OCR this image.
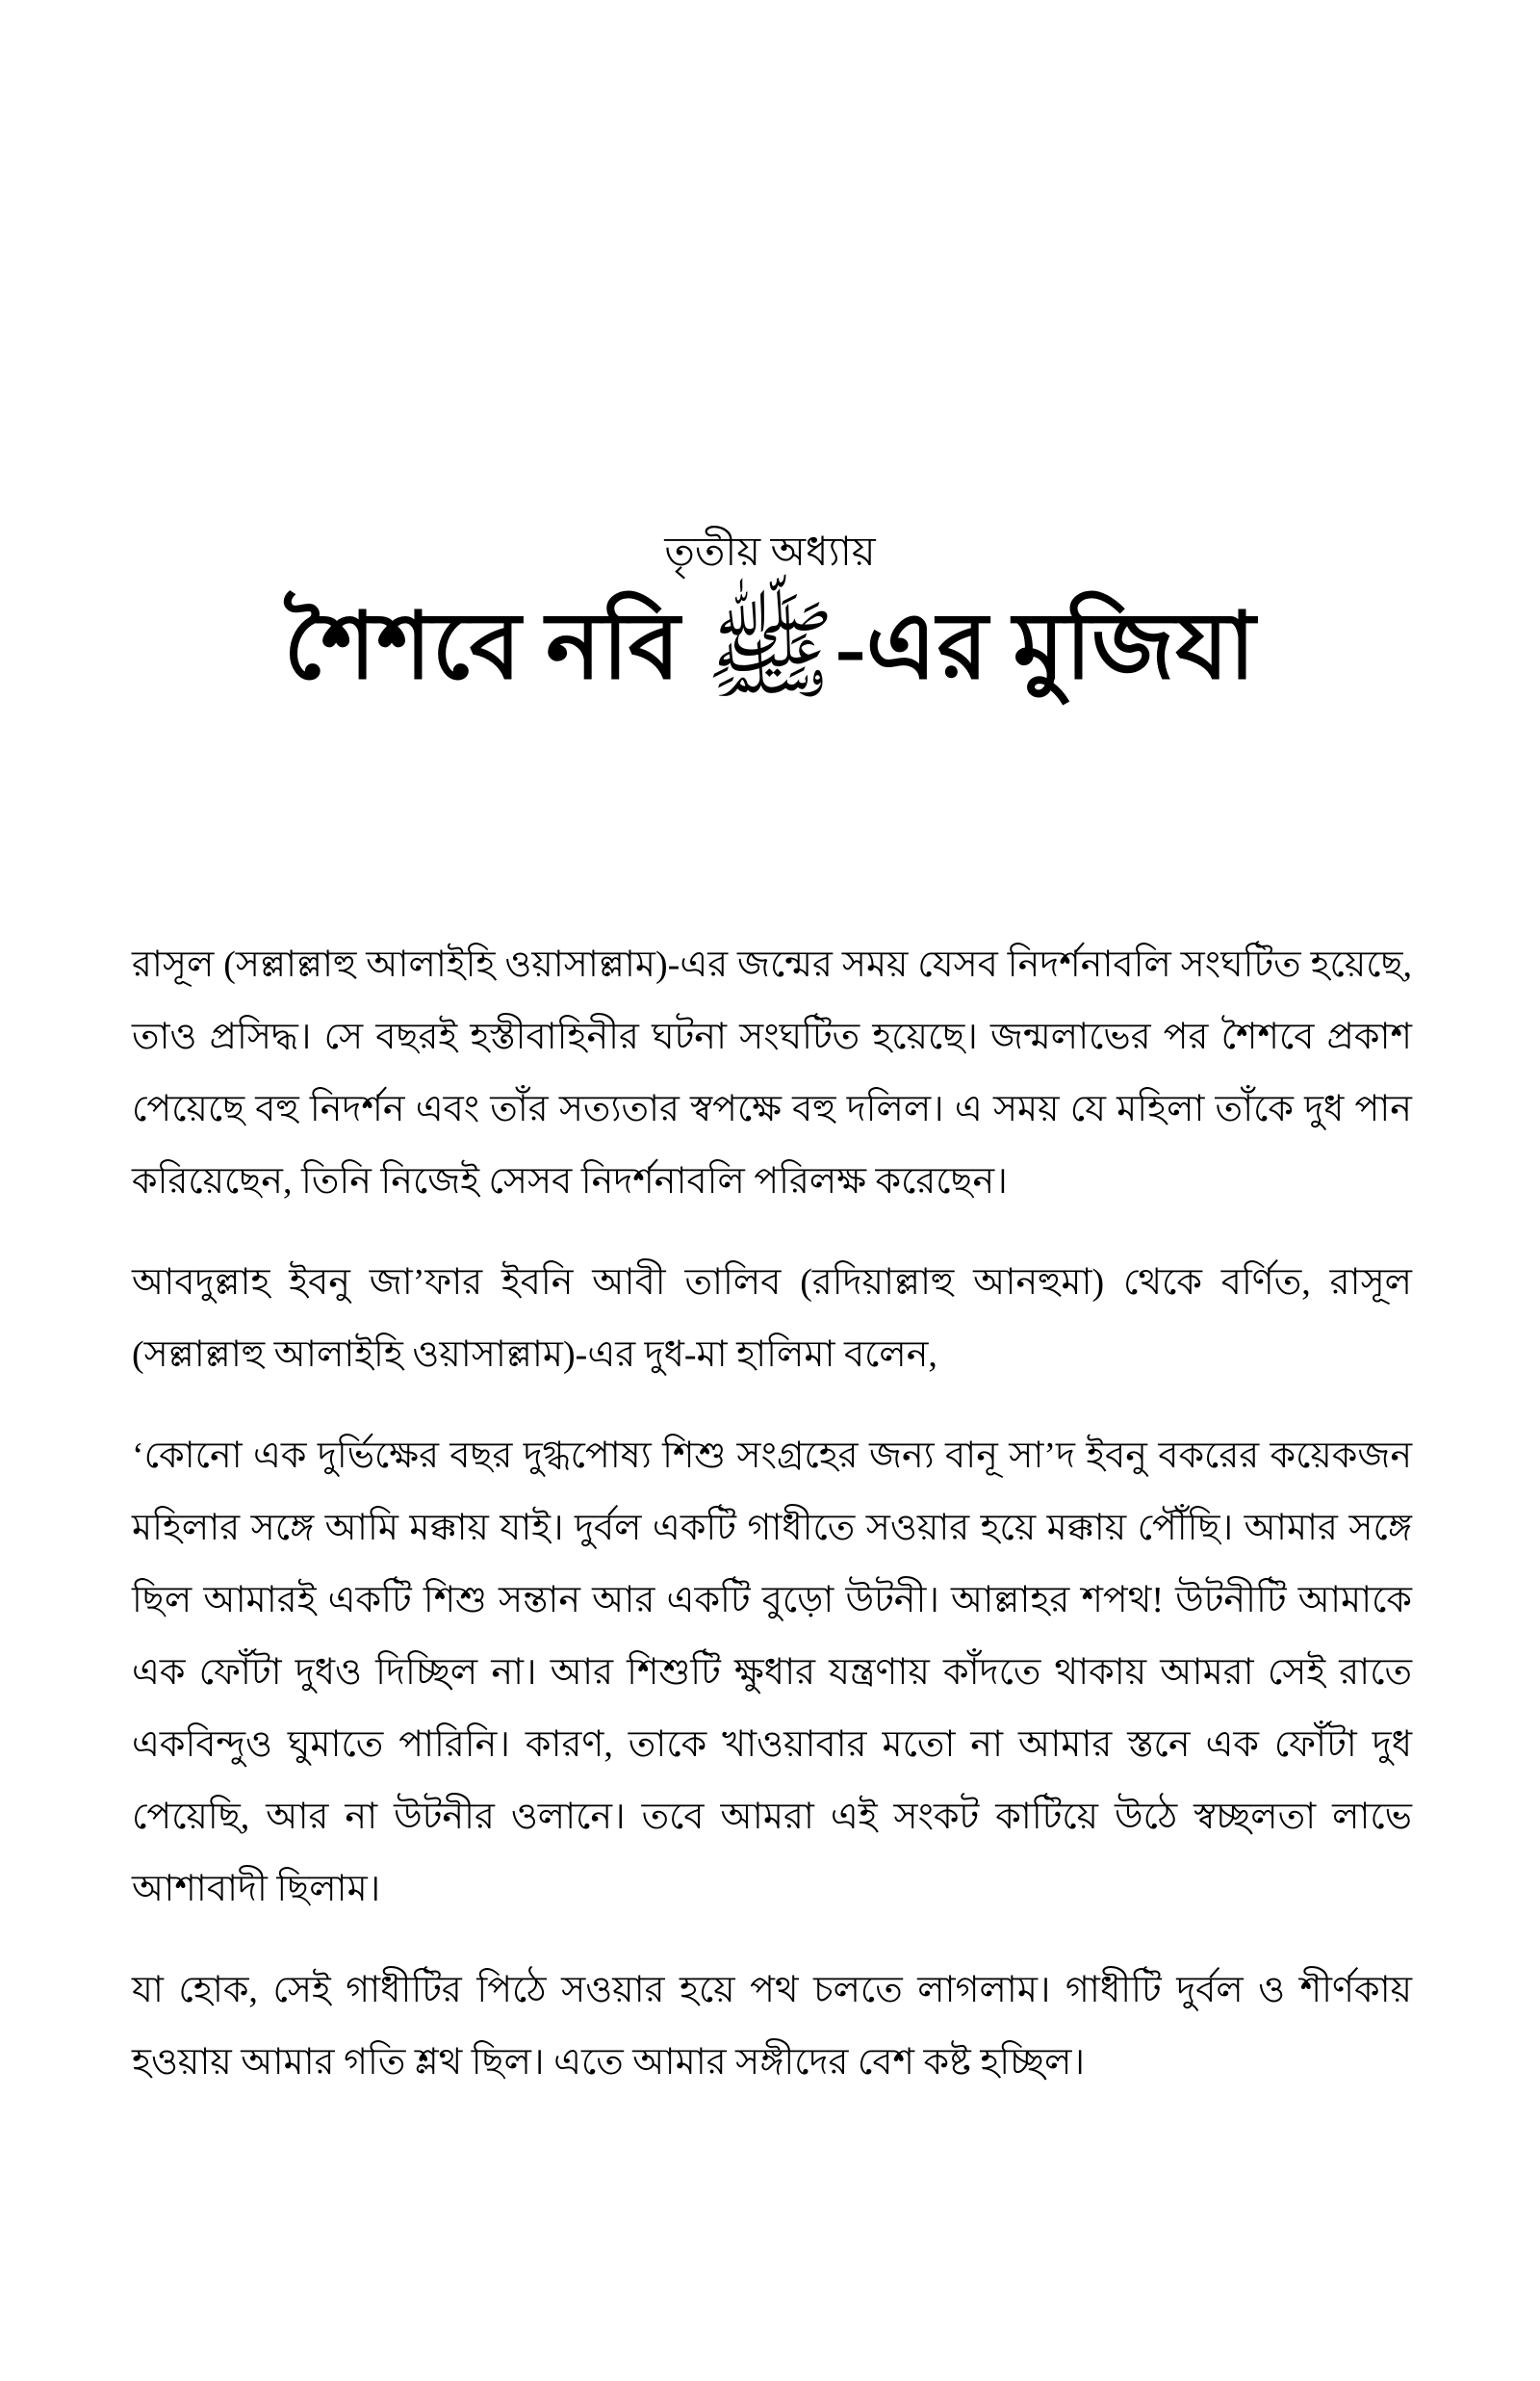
তৃতীয় অধ্যায়
শৈশবে নবি ﷺ-এর মুজিযা

রাসূল (সল্লাল্লাহু আলাইহি ওয়াসাল্লাম)-এর জন্মের সময় যেসব নিদর্শনাবলি সংঘটিত হয়েছে, তাও প্রসিদ্ধ। সে বছরই হস্তীবাহিনীর ঘটনা সংঘটিত হয়েছে। জন্মলাভের পর শৈশবে প্রকাশ পেয়েছে বহু নিদর্শন এবং তাঁর সত্যতার স্বপক্ষে বহু দলিল। এ সময় যে মহিলা তাঁকে দুধ পান করিয়েছেন, তিনি নিজেই সেসব নিদর্শনাবলি পরিলক্ষ করেছেন।

আবদুল্লাহ ইবনু জা’ফার ইবনি আবী তালিব (রদিয়াল্লাহু আনহুমা) থেকে বর্ণিত, রাসূল (সল্লাল্লাহু আলাইহি ওয়াসাল্লাম)-এর দুধ-মা হালিমা বলেন,

‘কোনো এক দুর্ভিক্ষের বছর দুগ্ধপোষ্য শিশু সংগ্রহের জন্য বানূ সা’দ ইবনু বকরের কয়েকজন মহিলার সঙ্গে আমি মক্কায় যাই। দুর্বল একটি গাধীতে সওয়ার হয়ে মক্কায় পৌঁছি। আমার সঙ্গে ছিল আমারই একটি শিশু সন্তান আর একটি বুড়ো উটনী। আল্লাহর শপথ! উটনীটি আমাকে এক ফোঁটা দুধও দিচ্ছিল না। আর শিশুটি ক্ষুধার যন্ত্রণায় কাঁদতে থাকায় আমরা সেই রাতে একবিন্দুও ঘুমাতে পারিনি। কারণ, তাকে খাওয়াবার মতো না আমার স্তনে এক ফোঁটা দুধ পেয়েছি, আর না উটনীর ওলানে। তবে আমরা এই সংকট কাটিয়ে উঠে স্বচ্ছলতা লাভে আশাবাদী ছিলাম।

যা হোক, সেই গাধীটির পিঠে সওয়ার হয়ে পথ চলতে লাগলাম। গাধীটি দুর্বল ও শীর্ণকায় হওয়ায় আমার গতি শ্লথ ছিল। এতে আমার সঙ্গীদের বেশ কষ্ট হচ্ছিল।
